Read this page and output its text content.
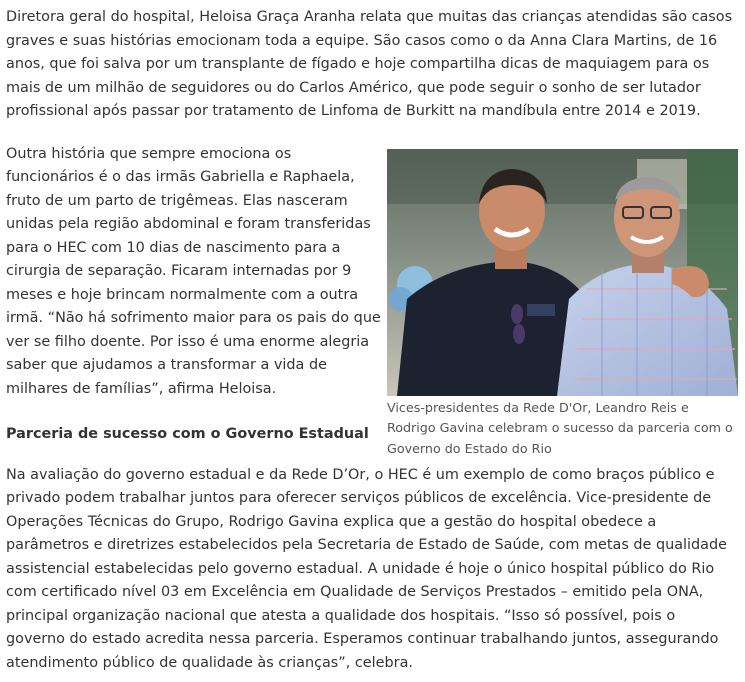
Diretora geral do hospital, Heloisa Graça Aranha relata que muitas das crianças atendidas são casos graves e suas histórias emocionam toda a equipe. São casos como o da Anna Clara Martins, de 16 anos, que foi salva por um transplante de fígado e hoje compartilha dicas de maquiagem para os mais de um milhão de seguidores ou do Carlos Américo, que pode seguir o sonho de ser lutador profissional após passar por tratamento de Linfoma de Burkitt na mandíbula entre 2014 e 2019.

Vices-presidentes da Rede D'Or, Leandro Reis e Rodrigo Gavina celebram o sucesso da parceria com o Governo do Estado do Rio

Outra história que sempre emociona os funcionários é o das irmãs Gabriella e Raphaela, fruto de um parto de trigêmeas. Elas nasceram unidas pela região abdominal e foram transferidas para o HEC com 10 dias de nascimento para a cirurgia de separação. Ficaram internadas por 9 meses e hoje brincam normalmente com a outra irmã. “Não há sofrimento maior para os pais do que ver se filho doente. Por isso é uma enorme alegria saber que ajudamos a transformar a vida de milhares de famílias”, afirma Heloisa.

Parceria de sucesso com o Governo Estadual

Na avaliação do governo estadual e da Rede D’Or, o HEC é um exemplo de como braços público e privado podem trabalhar juntos para oferecer serviços públicos de excelência. Vice-presidente de Operações Técnicas do Grupo, Rodrigo Gavina explica que a gestão do hospital obedece a parâmetros e diretrizes estabelecidos pela Secretaria de Estado de Saúde, com metas de qualidade assistencial estabelecidas pelo governo estadual. A unidade é hoje o único hospital público do Rio com certificado nível 03 em Excelência em Qualidade de Serviços Prestados – emitido pela ONA, principal organização nacional que atesta a qualidade dos hospitais. “Isso só possível, pois o governo do estado acredita nessa parceria. Esperamos continuar trabalhando juntos, assegurando atendimento público de qualidade às crianças”, celebra.
